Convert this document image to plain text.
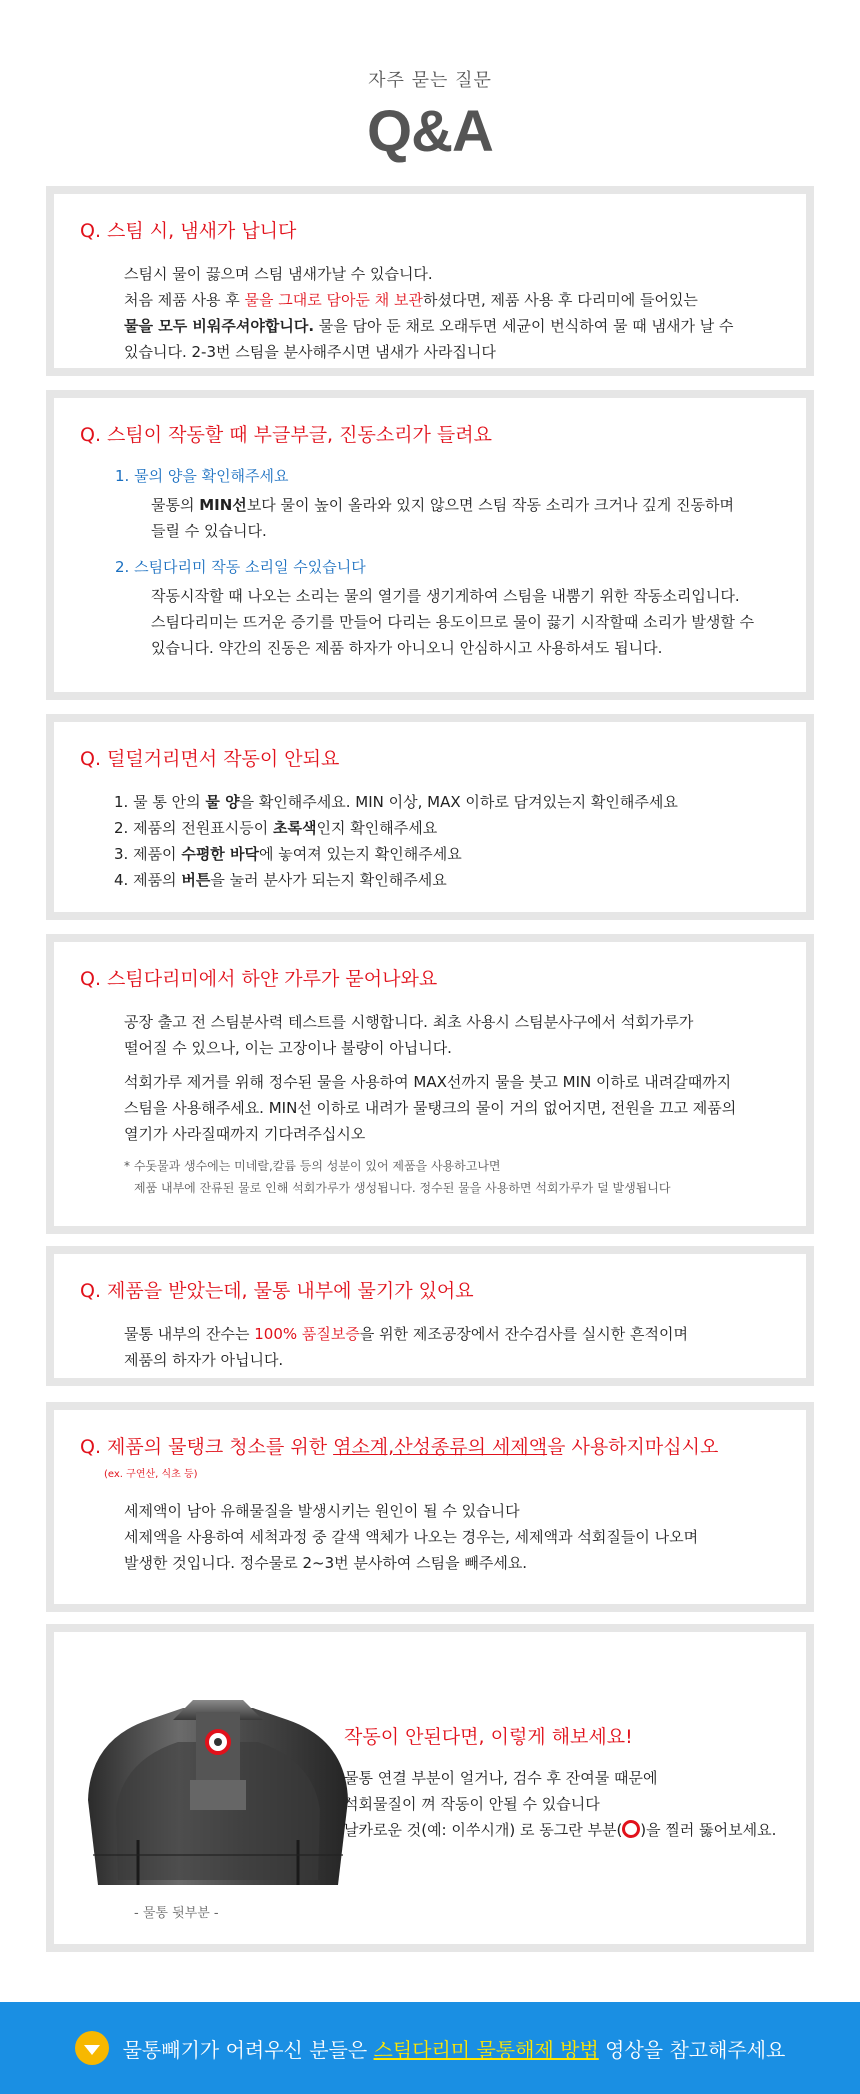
자주 묻는 질문
Q&A
Q. 스팀 시, 냄새가 납니다

스팀시 물이 끓으며 스팀 냄새가날 수 있습니다.

처음 제품 사용 후 물을 그대로 담아둔 채 보관하셨다면, 제품 사용 후 다리미에 들어있는

물을 모두 비워주셔야합니다. 물을 담아 둔 채로 오래두면 세균이 번식하여 물 때 냄새가 날 수

있습니다. 2-3번 스팀을 분사해주시면 냄새가 사라집니다

Q. 스팀이 작동할 때 부글부글, 진동소리가 들려요
1. 물의 양을 확인해주세요

물통의 MIN선보다 물이 높이 올라와 있지 않으면 스팀 작동 소리가 크거나 깊게 진동하며

들릴 수 있습니다.

2. 스팀다리미 작동 소리일 수있습니다

작동시작할 때 나오는 소리는 물의 열기를 생기게하여 스팀을 내뿜기 위한 작동소리입니다.

스팀다리미는 뜨거운 증기를 만들어 다리는 용도이므로 물이 끓기 시작할때 소리가 발생할 수

있습니다. 약간의 진동은 제품 하자가 아니오니 안심하시고 사용하셔도 됩니다.

Q. 덜덜거리면서 작동이 안되요

1. 물 통 안의 물 양을 확인해주세요. MIN 이상, MAX 이하로 담겨있는지 확인해주세요

2. 제품의 전원표시등이 초록색인지 확인해주세요

3. 제품이 수평한 바닥에 놓여져 있는지 확인해주세요

4. 제품의 버튼을 눌러 분사가 되는지 확인해주세요

Q. 스팀다리미에서 하얀 가루가 묻어나와요

공장 출고 전 스팀분사력 테스트를 시행합니다. 최초 사용시 스팀분사구에서 석회가루가

떨어질 수 있으나, 이는 고장이나 불량이 아닙니다.

석회가루 제거를 위해 정수된 물을 사용하여 MAX선까지 물을 붓고 MIN 이하로 내려갈때까지

스팀을 사용해주세요. MIN선 이하로 내려가 물탱크의 물이 거의 없어지면, 전원을 끄고 제품의

열기가 사라질때까지 기다려주십시오

* 수돗물과 생수에는 미네랄,칼륨 등의 성분이 있어 제품을 사용하고나면

제품 내부에 잔류된 물로 인해 석회가루가 생성됩니다. 정수된 물을 사용하면 석회가루가 덜 발생됩니다

Q. 제품을 받았는데, 물통 내부에 물기가 있어요

물통 내부의 잔수는 100% 품질보증을 위한 제조공장에서 잔수검사를 실시한 흔적이며

제품의 하자가 아닙니다.

Q. 제품의 물탱크 청소를 위한 염소계,산성종류의 세제액을 사용하지마십시오
(ex. 구연산, 식초 등)

세제액이 남아 유해물질을 발생시키는 원인이 될 수 있습니다

세제액을 사용하여 세척과정 중 갈색 액체가 나오는 경우는, 세제액과 석회질들이 나오며

발생한 것입니다. 정수물로 2~3번 분사하여 스팀을 빼주세요.

- 물통 뒷부분 -
작동이 안된다면, 이렇게 해보세요!
물통 연결 부분이 얼거나, 검수 후 잔여물 때문에
석회물질이 껴 작동이 안될 수 있습니다
날카로운 것(예: 이쑤시개) 로 동그란 부분( )을 찔러 뚫어보세요.
물통빼기가 어려우신 분들은 스팀다리미 물통해제 방법 영상을 참고해주세요
